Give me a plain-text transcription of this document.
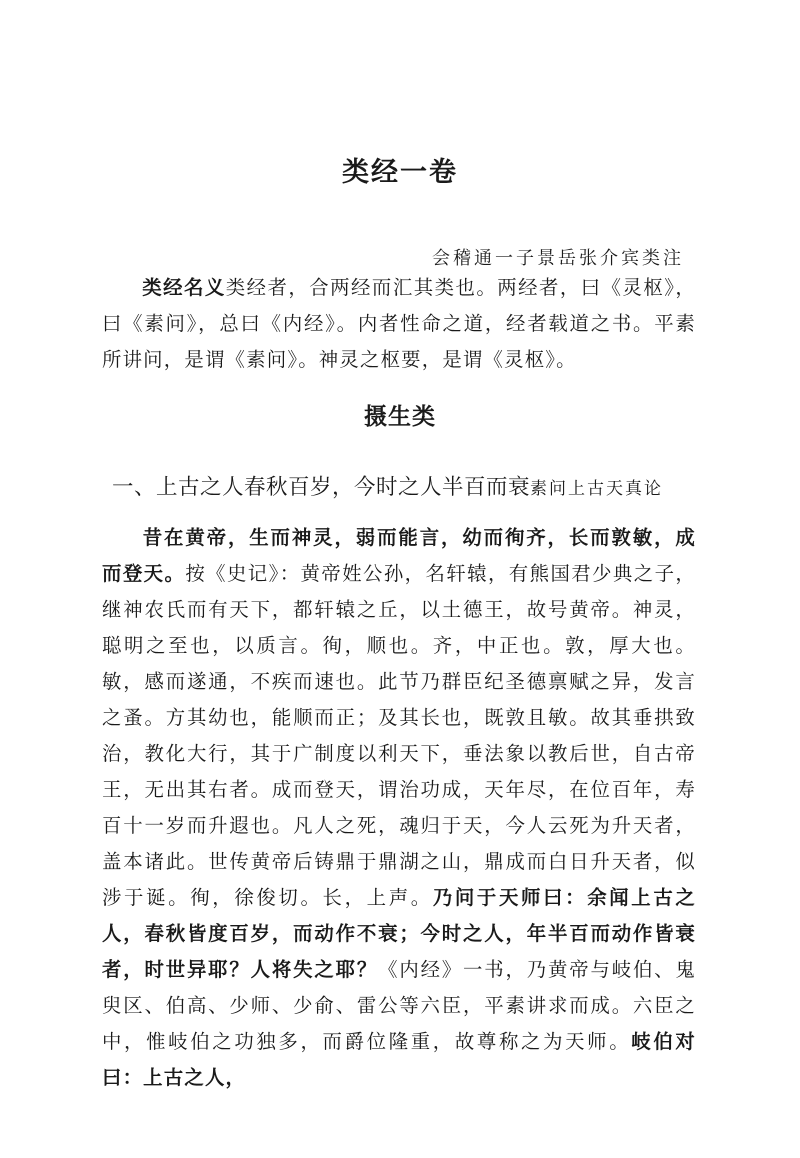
类经一卷
会稽通一子景岳张介宾类注
类经名义类经者，合两经而汇其类也。两经者，曰《灵枢》，曰《素问》，总曰《内经》。内者性命之道，经者载道之书。平素所讲问，是谓《素问》。神灵之枢要，是谓《灵枢》。
摄生类
一、上古之人春秋百岁，今时之人半百而衰素问上古天真论
昔在黄帝，生而神灵，弱而能言，幼而徇齐，长而敦敏，成而登天。按《史记》：黄帝姓公孙，名轩辕，有熊国君少典之子，继神农氏而有天下，都轩辕之丘，以土德王，故号黄帝。神灵，聪明之至也，以质言。徇，顺也。齐，中正也。敦，厚大也。敏，感而遂通，不疾而速也。此节乃群臣纪圣德禀赋之异，发言之蚤。方其幼也，能顺而正；及其长也，既敦且敏。故其垂拱致治，教化大行，其于广制度以利天下，垂法象以教后世，自古帝王，无出其右者。成而登天，谓治功成，天年尽，在位百年，寿百十一岁而升遐也。凡人之死，魂归于天，今人云死为升天者，盖本诸此。世传黄帝后铸鼎于鼎湖之山，鼎成而白日升天者，似涉于诞。徇，徐俊切。长，上声。乃问于天师曰：余闻上古之人，春秋皆度百岁，而动作不衰；今时之人，年半百而动作皆衰者，时世异耶？人将失之耶？《内经》一书，乃黄帝与岐伯、鬼臾区、伯高、少师、少俞、雷公等六臣，平素讲求而成。六臣之中，惟岐伯之功独多，而爵位隆重，故尊称之为天师。岐伯对曰：上古之人，
